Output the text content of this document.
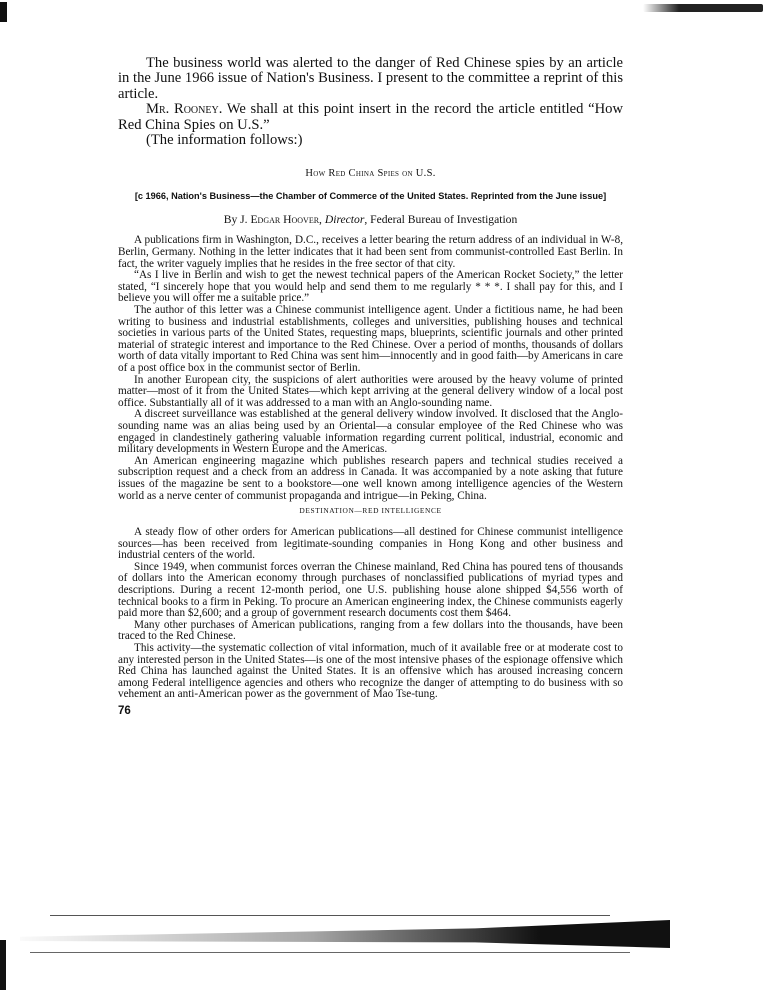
The business world was alerted to the danger of Red Chinese spies by an article in the June 1966 issue of Nation's Business. I present to the committee a reprint of this article.

Mr. Rooney. We shall at this point insert in the record the article entitled “How Red China Spies on U.S.”

(The information follows:)

How Red China Spies on U.S.
[c 1966, Nation's Business—the Chamber of Commerce of the United States. Reprinted from the June issue]
By J. Edgar Hoover, Director, Federal Bureau of Investigation

A publications firm in Washington, D.C., receives a letter bearing the return address of an individual in W-8, Berlin, Germany. Nothing in the letter indicates that it had been sent from communist-controlled East Berlin. In fact, the writer vaguely implies that he resides in the free sector of that city.

“As I live in Berlin and wish to get the newest technical papers of the American Rocket Society,” the letter stated, “I sincerely hope that you would help and send them to me regularly * * *. I shall pay for this, and I believe you will offer me a suitable price.”

The author of this letter was a Chinese communist intelligence agent. Under a fictitious name, he had been writing to business and industrial establishments, colleges and universities, publishing houses and technical societies in various parts of the United States, requesting maps, blueprints, scientific journals and other printed material of strategic interest and importance to the Red Chinese. Over a period of months, thousands of dollars worth of data vitally important to Red China was sent him—innocently and in good faith—by Americans in care of a post office box in the communist sector of Berlin.

In another European city, the suspicions of alert authorities were aroused by the heavy volume of printed matter—most of it from the United States—which kept arriving at the general delivery window of a local post office. Substantially all of it was addressed to a man with an Anglo-sounding name.

A discreet surveillance was established at the general delivery window involved. It disclosed that the Anglo-sounding name was an alias being used by an Oriental—a consular employee of the Red Chinese who was engaged in clandestinely gathering valuable information regarding current political, industrial, economic and military developments in Western Europe and the Americas.

An American engineering magazine which publishes research papers and technical studies received a subscription request and a check from an address in Canada. It was accompanied by a note asking that future issues of the magazine be sent to a bookstore—one well known among intelligence agencies of the Western world as a nerve center of communist propaganda and intrigue—in Peking, China.

DESTINATION—RED INTELLIGENCE

A steady flow of other orders for American publications—all destined for Chinese communist intelligence sources—has been received from legitimate-sounding companies in Hong Kong and other business and industrial centers of the world.

Since 1949, when communist forces overran the Chinese mainland, Red China has poured tens of thousands of dollars into the American economy through purchases of nonclassified publications of myriad types and descriptions. During a recent 12-month period, one U.S. publishing house alone shipped $4,556 worth of technical books to a firm in Peking. To procure an American engineering index, the Chinese communists eagerly paid more than $2,600; and a group of government research documents cost them $464.

Many other purchases of American publications, ranging from a few dollars into the thousands, have been traced to the Red Chinese.

This activity—the systematic collection of vital information, much of it available free or at moderate cost to any interested person in the United States—is one of the most intensive phases of the espionage offensive which Red China has launched against the United States. It is an offensive which has aroused increasing concern among Federal intelligence agencies and others who recognize the danger of attempting to do business with so vehement an anti-American power as the government of Mao Tse-tung.

76
